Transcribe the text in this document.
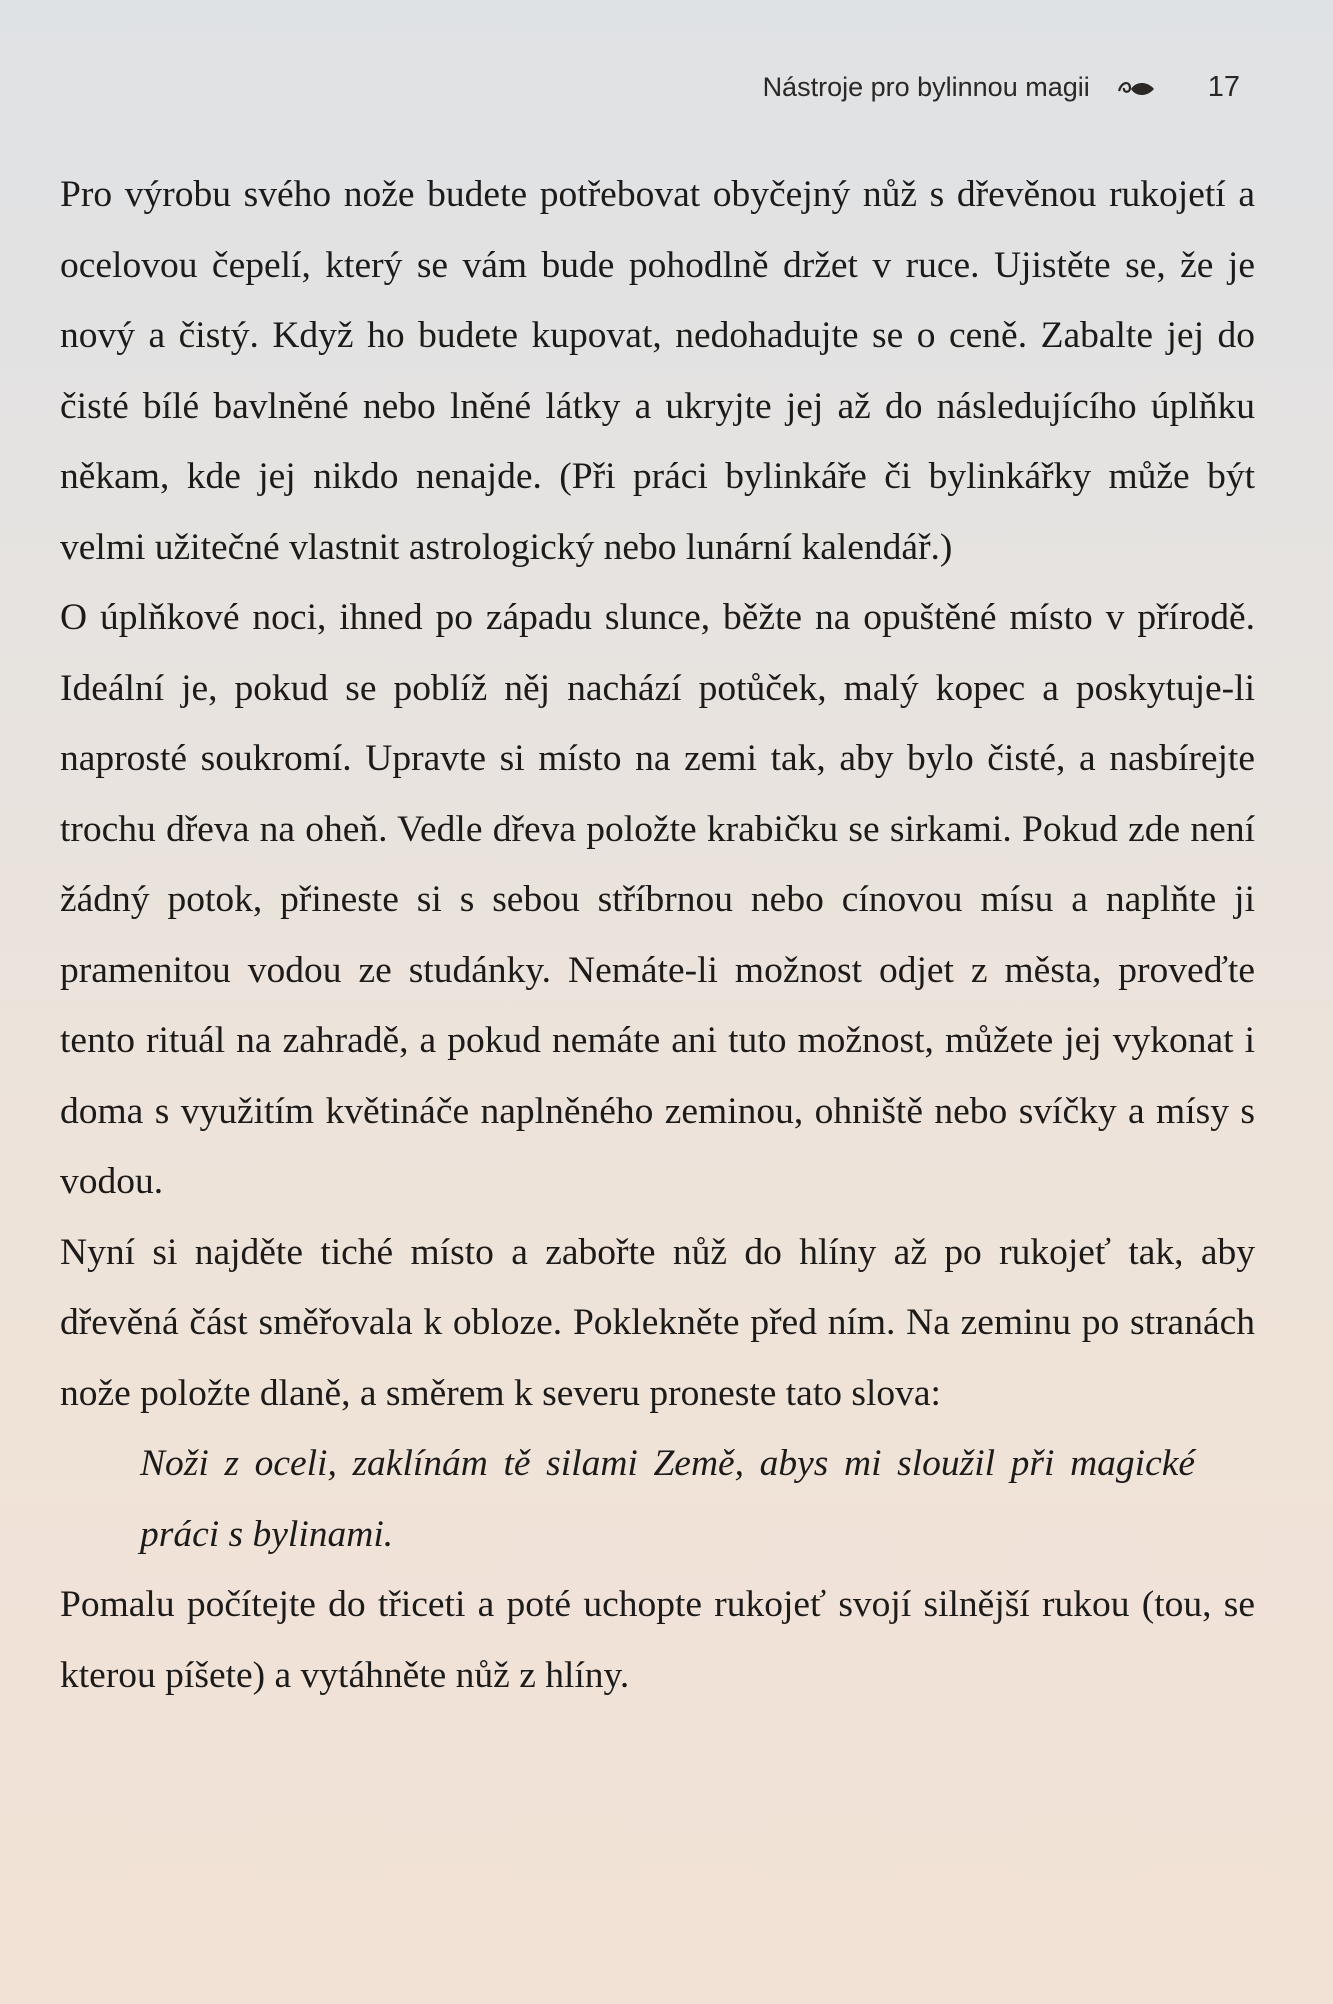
Nástroje pro bylinnou magii	17

Pro výrobu svého nože budete potřebovat obyčejný nůž s dřevěnou rukojetí a ocelovou čepelí, který se vám bude pohodlně držet v ruce. Ujistěte se, že je nový a čistý. Když ho budete kupovat, nedohadujte se o ceně. Zabalte jej do čisté bílé bavlněné nebo lněné látky a ukryjte jej až do následujícího úplňku někam, kde jej nikdo nenajde. (Při práci bylinkáře či bylinkářky může být velmi užitečné vlastnit astrologický nebo lunární kalendář.)

O úplňkové noci, ihned po západu slunce, běžte na opuštěné místo v přírodě. Ideální je, pokud se poblíž něj nachází potůček, malý kopec a poskytuje-li naprosté soukromí. Upravte si místo na zemi tak, aby bylo čisté, a nasbírejte trochu dřeva na oheň. Vedle dřeva položte krabičku se sirkami. Pokud zde není žádný potok, přineste si s sebou stříbrnou nebo cínovou mísu a naplňte ji pramenitou vodou ze studánky. Nemáte-li možnost odjet z města, proveďte tento rituál na zahradě, a pokud nemáte ani tuto možnost, můžete jej vykonat i doma s využitím květináče naplněného zeminou, ohniště nebo svíčky a mísy s vodou.

Nyní si najděte tiché místo a zabořte nůž do hlíny až po rukojeť tak, aby dřevěná část směřovala k obloze. Poklekněte před ním. Na zeminu po stranách nože položte dlaně, a směrem k severu proneste tato slova:

Noži z oceli, zaklínám tě silami Země, abys mi sloužil při magické práci s bylinami.

Pomalu počítejte do třiceti a poté uchopte rukojeť svojí silnější rukou (tou, se kterou píšete) a vytáhněte nůž z hlíny.
